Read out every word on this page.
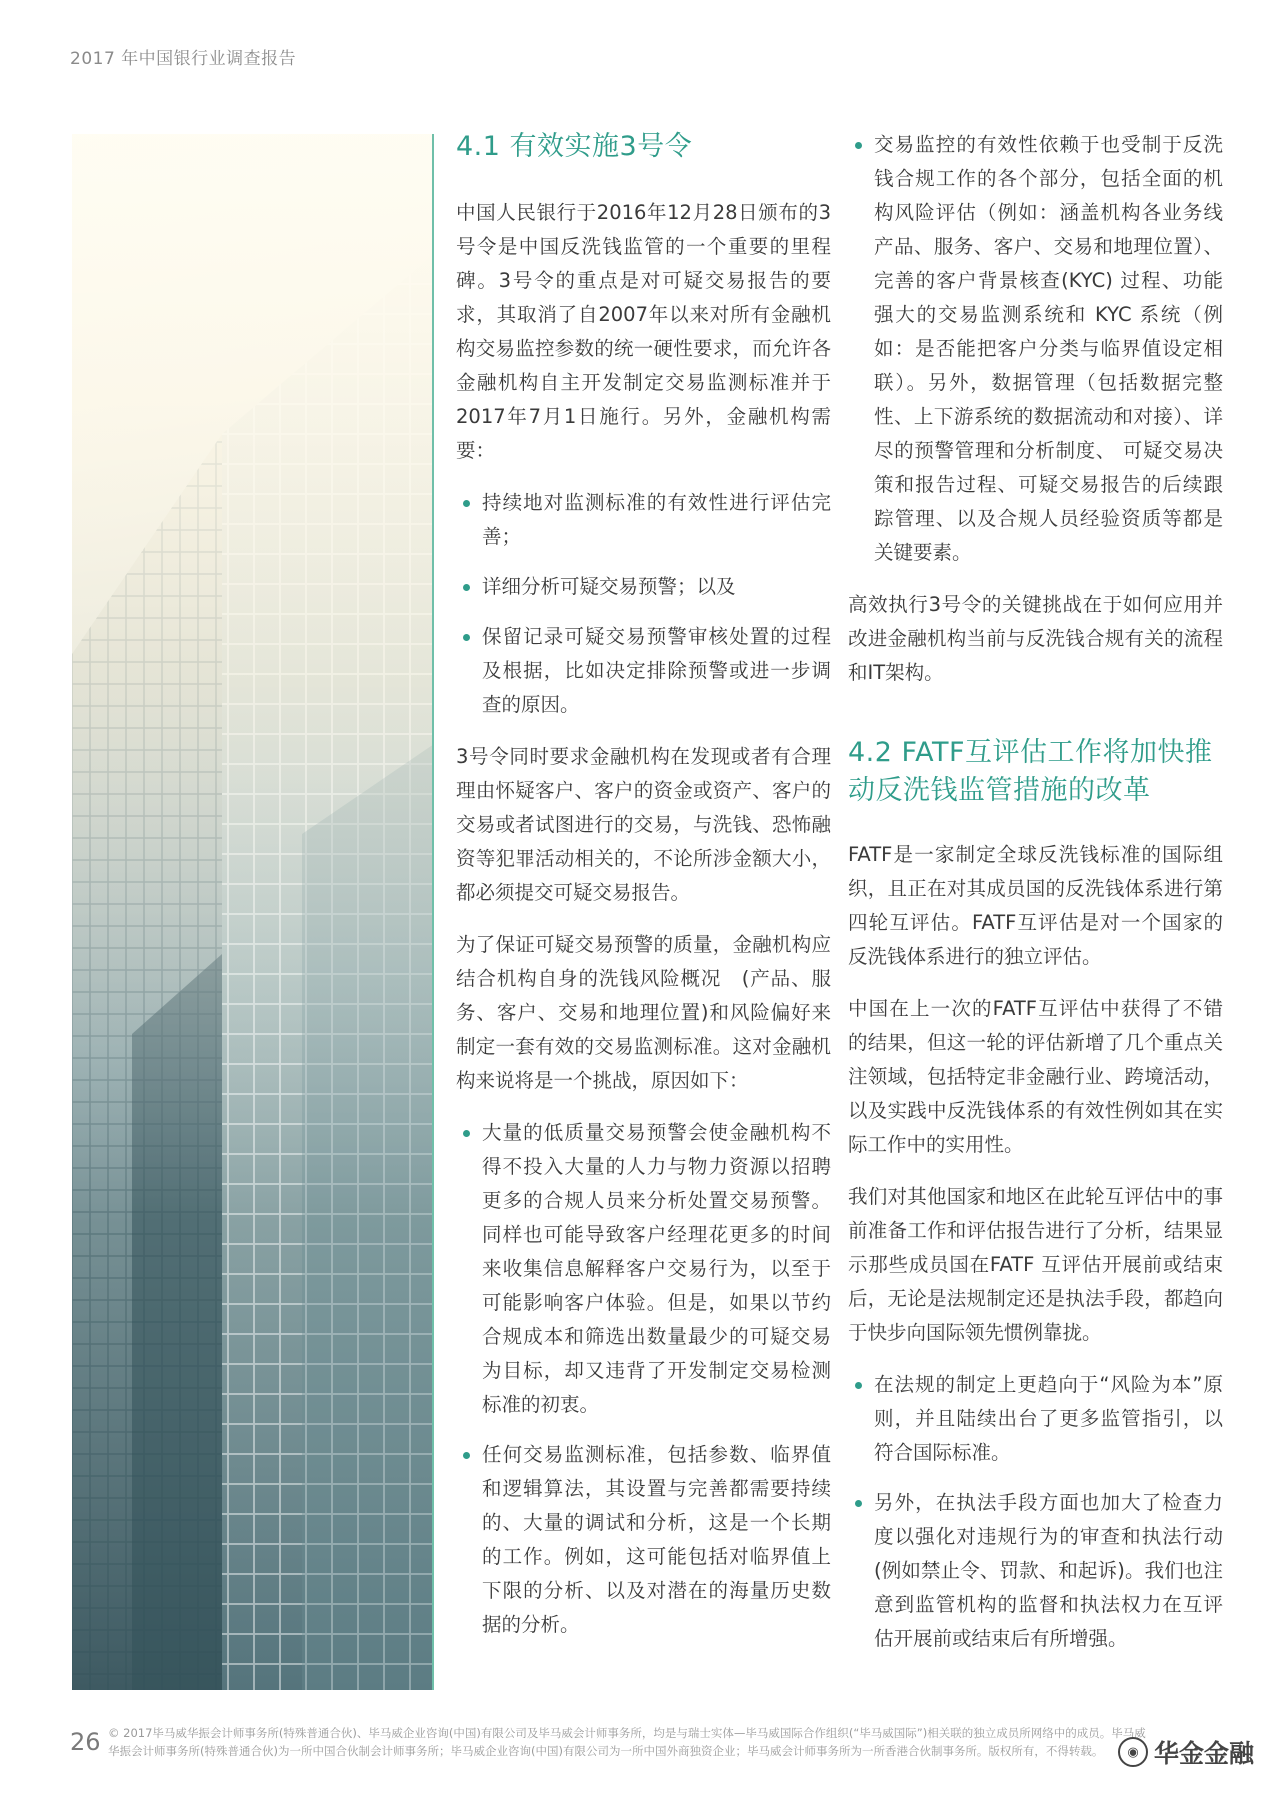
2017 年中国银行业调查报告
4.1 有效实施3号令

中国人民银行于2016年12月28日颁布的3号令是中国反洗钱监管的一个重要的里程碑。3号令的重点是对可疑交易报告的要求，其取消了自2007年以来对所有金融机构交易监控参数的统一硬性要求，而允许各金融机构自主开发制定交易监测标准并于2017年7月1日施行。另外，金融机构需要：

持续地对监测标准的有效性进行评估完善；
详细分析可疑交易预警；以及
保留记录可疑交易预警审核处置的过程及根据，比如决定排除预警或进一步调查的原因。

3号令同时要求金融机构在发现或者有合理理由怀疑客户、客户的资金或资产、客户的交易或者试图进行的交易，与洗钱、恐怖融资等犯罪活动相关的，不论所涉金额大小，都必须提交可疑交易报告。

为了保证可疑交易预警的质量，金融机构应结合机构自身的洗钱风险概况　(产品、服务、客户、交易和地理位置)和风险偏好来制定一套有效的交易监测标准。这对金融机构来说将是一个挑战，原因如下：

大量的低质量交易预警会使金融机构不得不投入大量的人力与物力资源以招聘更多的合规人员来分析处置交易预警。同样也可能导致客户经理花更多的时间来收集信息解释客户交易行为，以至于可能影响客户体验。但是，如果以节约合规成本和筛选出数量最少的可疑交易为目标，却又违背了开发制定交易检测标准的初衷。
任何交易监测标准，包括参数、临界值和逻辑算法，其设置与完善都需要持续的、大量的调试和分析，这是一个长期的工作。例如，这可能包括对临界值上下限的分析、以及对潜在的海量历史数据的分析。
交易监控的有效性依赖于也受制于反洗钱合规工作的各个部分，包括全面的机构风险评估（例如：涵盖机构各业务线产品、服务、客户、交易和地理位置）、完善的客户背景核查(KYC) 过程、功能强大的交易监测系统和 KYC 系统（例如：是否能把客户分类与临界值设定相联）。另外，数据管理（包括数据完整性、上下游系统的数据流动和对接）、详尽的预警管理和分析制度、 可疑交易决策和报告过程、可疑交易报告的后续跟踪管理、以及合规人员经验资质等都是关键要素。

高效执行3号令的关键挑战在于如何应用并改进金融机构当前与反洗钱合规有关的流程和IT架构。

4.2 FATF互评估工作将加快推动反洗钱监管措施的改革

FATF是一家制定全球反洗钱标准的国际组织，且正在对其成员国的反洗钱体系进行第四轮互评估。FATF互评估是对一个国家的反洗钱体系进行的独立评估。

中国在上一次的FATF互评估中获得了不错的结果，但这一轮的评估新增了几个重点关注领域，包括特定非金融行业、跨境活动，以及实践中反洗钱体系的有效性例如其在实际工作中的实用性。

我们对其他国家和地区在此轮互评估中的事前准备工作和评估报告进行了分析，结果显示那些成员国在FATF 互评估开展前或结束后，无论是法规制定还是执法手段，都趋向于快步向国际领先惯例靠拢。

在法规的制定上更趋向于“风险为本”原则，并且陆续出台了更多监管指引，以符合国际标准。
另外，在执法手段方面也加大了检查力度以强化对违规行为的审查和执法行动　(例如禁止令、罚款、和起诉)。我们也注意到监管机构的监督和执法权力在互评估开展前或结束后有所增强。
26 © 2017毕马威华振会计师事务所(特殊普通合伙)、毕马威企业咨询(中国)有限公司及毕马威会计师事务所，均是与瑞士实体—毕马威国际合作组织(“毕马威国际”)相关联的独立成员所网络中的成员。毕马威
华振会计师事务所(特殊普通合伙)为一所中国合伙制会计师事务所；毕马威企业咨询(中国)有限公司为一所中国外商独资企业；毕马威会计师事务所为一所香港合伙制事务所。版权所有，不得转载。	◉ 华金金融
